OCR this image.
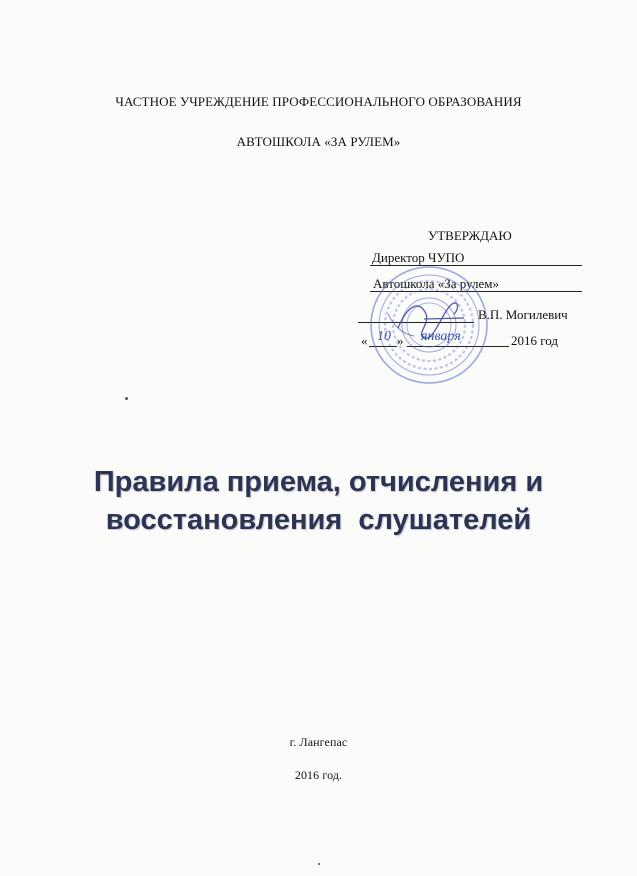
ЧАСТНОЕ УЧРЕЖДЕНИЕ ПРОФЕССИОНАЛЬНОГО ОБРАЗОВАНИЯ
АВТОШКОЛА «ЗА РУЛЕМ»
УТВЕРЖДАЮ
Директор ЧУПО
Автошкола «За рулем»
В.П. Могилевич
« 10 » января	2016 год
Правила приема, отчисления и
восстановления  слушателей
г. Лангепас
2016 год.
